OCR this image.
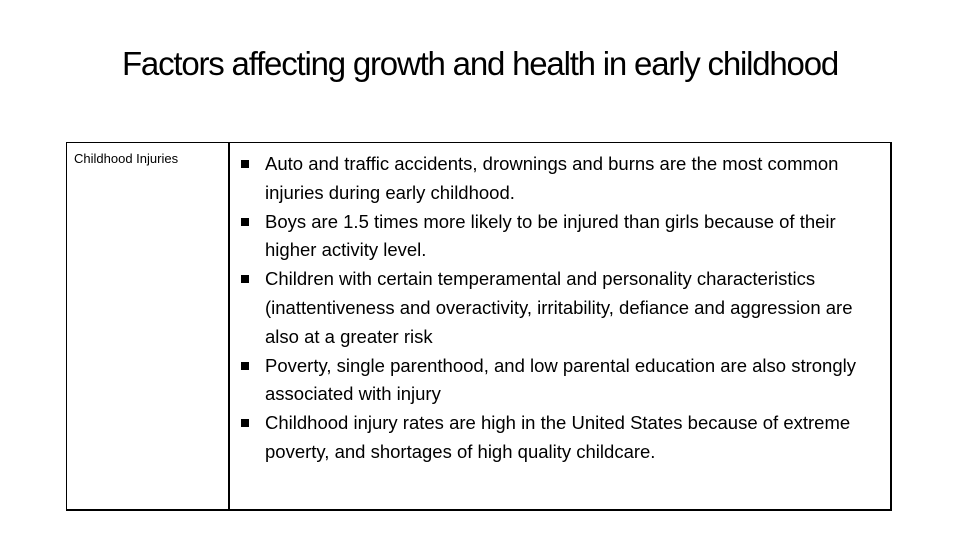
Factors affecting growth and health in early childhood
Childhood Injuries	Auto and traffic accidents, drownings and burns are the most common injuries during early childhood.
Boys are 1.5 times more likely to be injured than girls because of their higher activity level.
Children with certain temperamental and personality characteristics (inattentiveness and overactivity, irritability, defiance and aggression are also at a greater risk
Poverty, single parenthood, and low parental education are also strongly associated with injury
Childhood injury rates are high in the United States because of extreme poverty, and shortages of high quality childcare.
